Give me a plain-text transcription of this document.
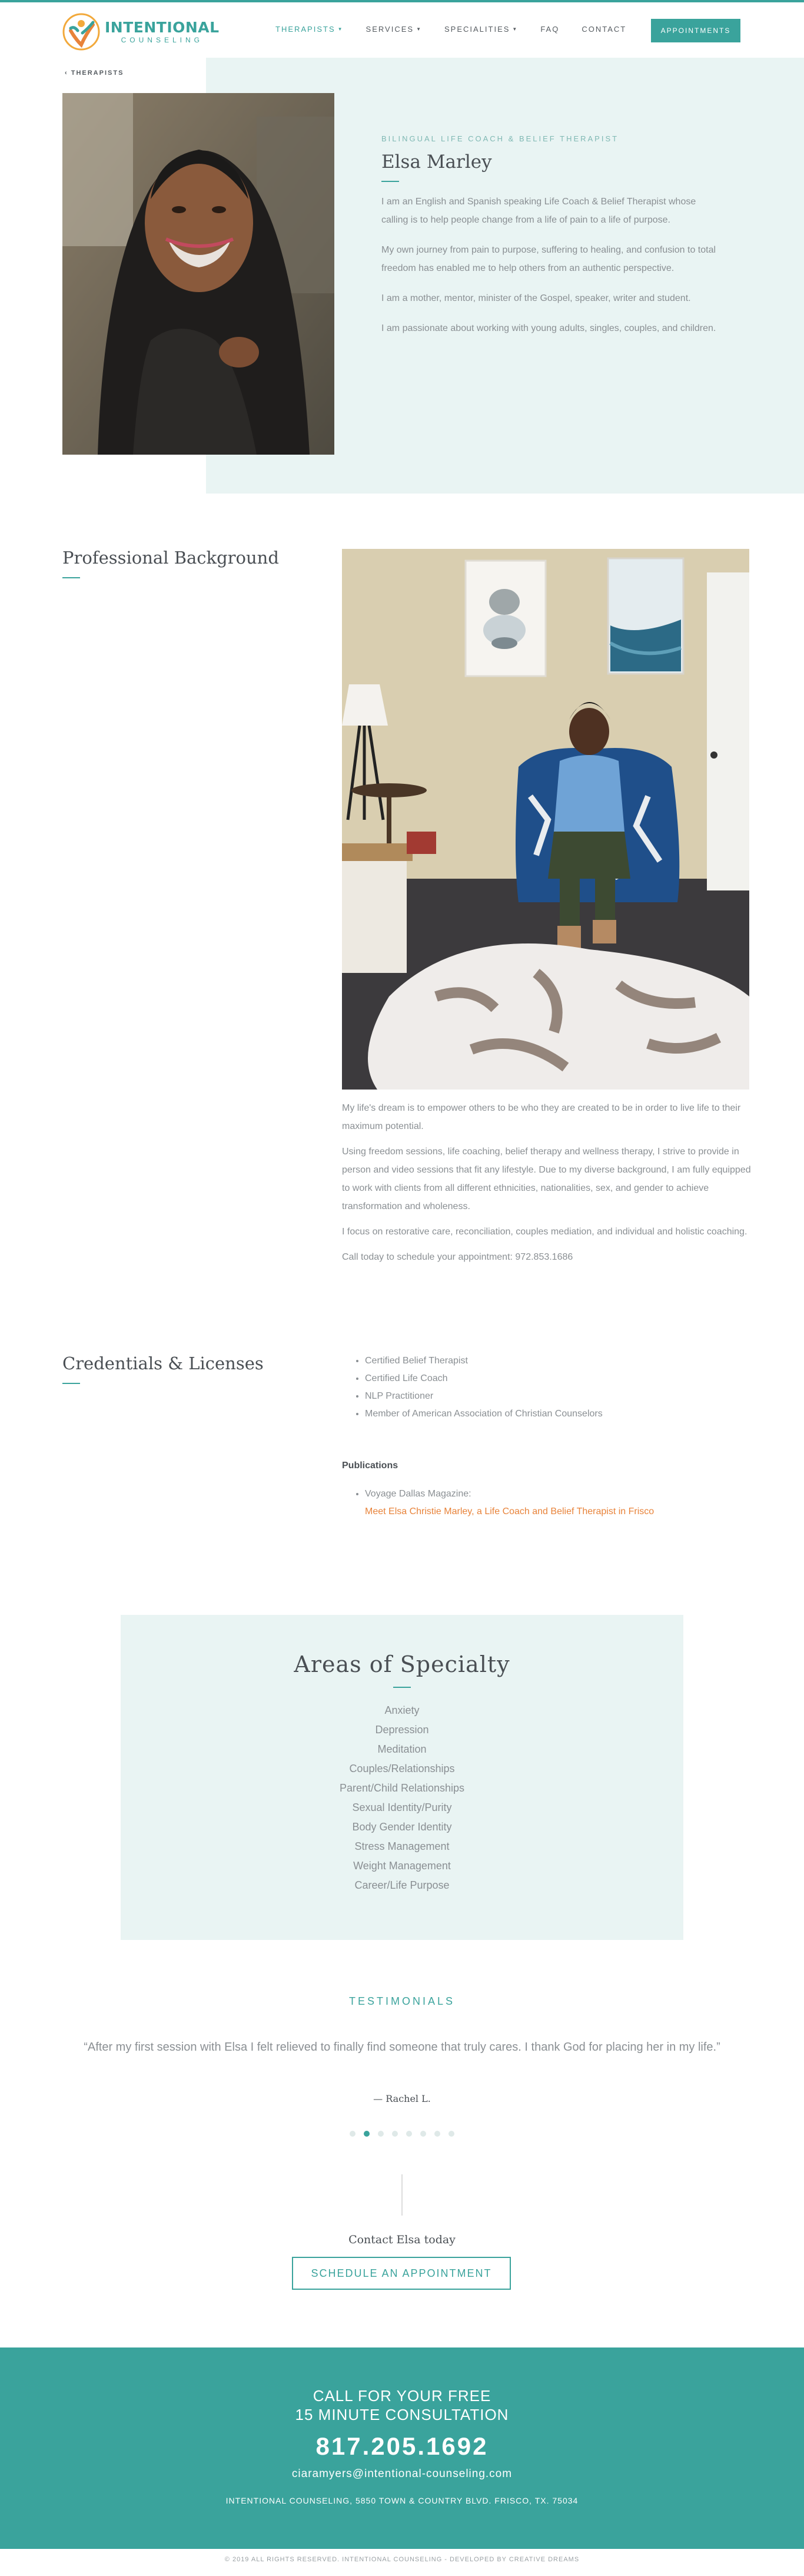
INTENTIONAL
COUNSELING
THERAPISTS ▼	SERVICES ▼	SPECIALITIES ▼	FAQ	CONTACT	APPOINTMENTS
‹ THERAPISTS
BILINGUAL LIFE COACH & BELIEF THERAPIST
Elsa Marley

I am an English and Spanish speaking Life Coach & Belief Therapist whose calling is to help people change from a life of pain to a life of purpose.

My own journey from pain to purpose, suffering to healing, and confusion to total freedom has enabled me to help others from an authentic perspective.

I am a mother, mentor, minister of the Gospel, speaker, writer and student.

I am passionate about working with young adults, singles, couples, and children.

Professional Background

My life's dream is to empower others to be who they are created to be in order to live life to their maximum potential.

Using freedom sessions, life coaching, belief therapy and wellness therapy, I strive to provide in person and video sessions that fit any lifestyle. Due to my diverse background, I am fully equipped to work with clients from all different ethnicities, nationalities, sex, and gender to achieve transformation and wholeness.

I focus on restorative care, reconciliation, couples mediation, and individual and holistic coaching.

Call today to schedule your appointment: 972.853.1686

Credentials & Licenses
•	Certified Belief Therapist
• Certified Life Coach
• NLP Practitioner
• Member of American Association of Christian Counselors
Publications
• Voyage Dallas Magazine:
Meet Elsa Christie Marley, a Life Coach and Belief Therapist in Frisco
Areas of Specialty
Anxiety
Depression
Meditation
Couples/Relationships
Parent/Child Relationships
Sexual Identity/Purity
Body Gender Identity
Stress Management
Weight Management
Career/Life Purpose
TESTIMONIALS
“After my first session with Elsa I felt relieved to finally find someone that truly cares. I thank God for placing her in my life.”
— Rachel L.
Contact Elsa today
SCHEDULE AN APPOINTMENT
CALL FOR YOUR FREE
15 MINUTE CONSULTATION
817.205.1692
ciaramyers@intentional-counseling.com
INTENTIONAL COUNSELING, 5850 TOWN & COUNTRY BLVD. FRISCO, TX. 75034
© 2019 ALL RIGHTS RESERVED. INTENTIONAL COUNSELING - DEVELOPED BY CREATIVE DREAMS
